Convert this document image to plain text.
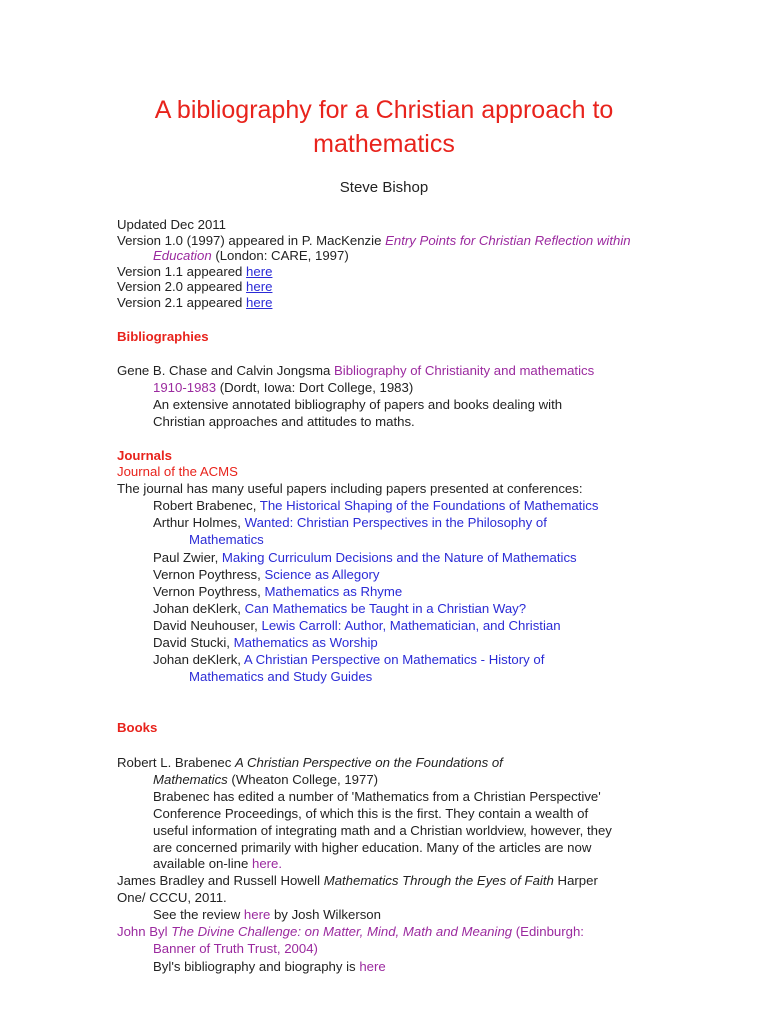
A bibliography for a Christian approach to
mathematics
Steve Bishop
Updated Dec 2011
Version 1.0 (1997) appeared in P. MacKenzie Entry Points for Christian Reflection within
Education (London: CARE, 1997)
Version 1.1 appeared here
Version 2.0 appeared here
Version 2.1 appeared here
Bibliographies
Gene B. Chase and Calvin Jongsma Bibliography of Christianity and mathematics
1910-1983 (Dordt, Iowa: Dort College, 1983)
An extensive annotated bibliography of papers and books dealing with
Christian approaches and attitudes to maths.
Journals
Journal of the ACMS
The journal has many useful papers including papers presented at conferences:
Robert Brabenec, The Historical Shaping of the Foundations of Mathematics
Arthur Holmes, Wanted: Christian Perspectives in the Philosophy of
Mathematics
Paul Zwier, Making Curriculum Decisions and the Nature of Mathematics
Vernon Poythress, Science as Allegory
Vernon Poythress, Mathematics as Rhyme
Johan deKlerk, Can Mathematics be Taught in a Christian Way?
David Neuhouser, Lewis Carroll: Author, Mathematician, and Christian
David Stucki, Mathematics as Worship
Johan deKlerk, A Christian Perspective on Mathematics - History of
Mathematics and Study Guides
Books
Robert L. Brabenec A Christian Perspective on the Foundations of
Mathematics (Wheaton College, 1977)
Brabenec has edited a number of 'Mathematics from a Christian Perspective'
Conference Proceedings, of which this is the first. They contain a wealth of
useful information of integrating math and a Christian worldview, however, they
are concerned primarily with higher education. Many of the articles are now
available on-line here.
James Bradley and Russell Howell Mathematics Through the Eyes of Faith Harper
One/ CCCU, 2011.
See the review here by Josh Wilkerson
John Byl The Divine Challenge: on Matter, Mind, Math and Meaning (Edinburgh:
Banner of Truth Trust, 2004)
Byl's bibliography and biography is here
